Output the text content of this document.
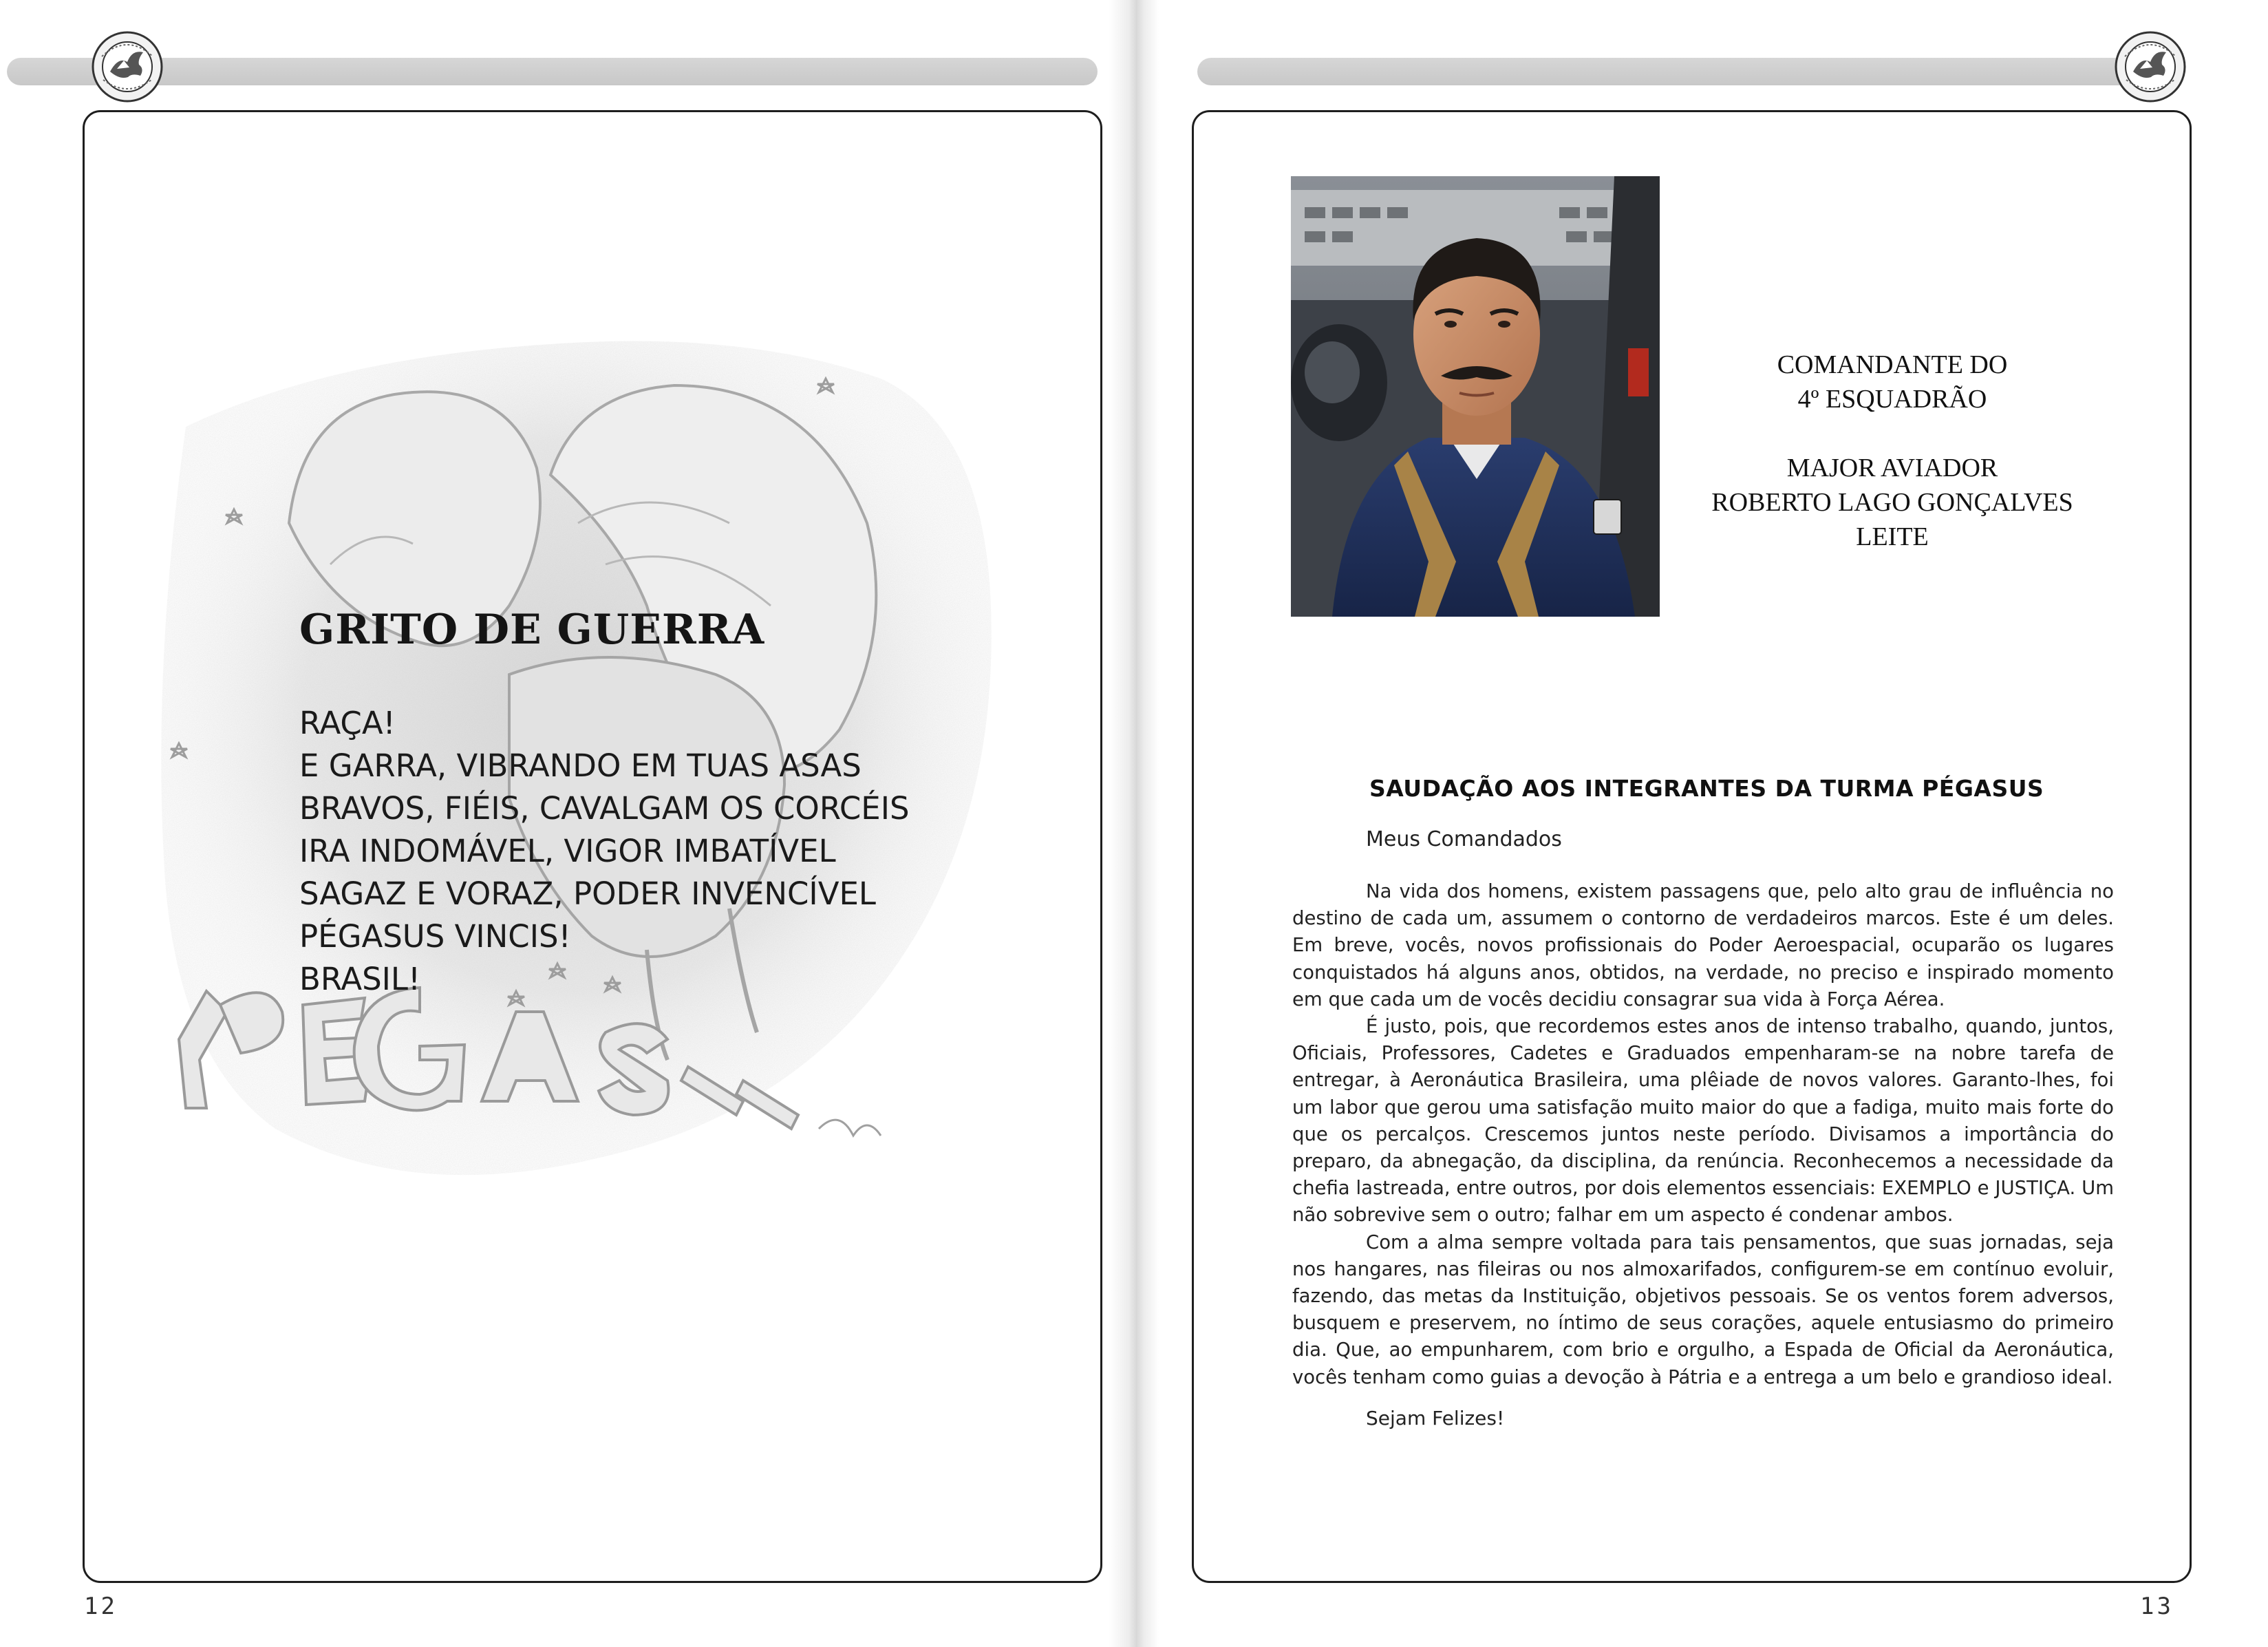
GRITO DE GUERRA
RAÇA!
E GARRA, VIBRANDO EM TUAS ASAS
BRAVOS, FIÉIS, CAVALGAM OS CORCÉIS
IRA INDOMÁVEL, VIGOR IMBATÍVEL
SAGAZ E VORAZ, PODER INVENCÍVEL
PÉGASUS VINCIS!
BRASIL!
12
COMANDANTE DO
4º ESQUADRÃO
MAJOR AVIADOR
ROBERTO LAGO GONÇALVES LEITE
SAUDAÇÃO AOS INTEGRANTES DA TURMA PÉGASUS
Meus Comandados

Na vida dos homens, existem passagens que, pelo alto grau de influência no destino de cada um, assumem o contorno de verdadeiros marcos. Este é um deles. Em breve, vocês, novos profissionais do Poder Aeroespacial, ocuparão os lugares conquistados há alguns anos, obtidos, na verdade, no preciso e inspirado momento em que cada um de vocês decidiu consagrar sua vida à Força Aérea.

É justo, pois, que recordemos estes anos de intenso trabalho, quando, juntos, Oficiais, Professores, Cadetes e Graduados empenharam-se na nobre tarefa de entregar, à Aeronáutica Brasileira, uma plêiade de novos valores. Garanto-lhes, foi um labor que gerou uma satisfação muito maior do que a fadiga, muito mais forte do que os percalços. Crescemos juntos neste período. Divisamos a importância do preparo, da abnegação, da disciplina, da renúncia. Reconhecemos a necessidade da chefia lastreada, entre outros, por dois elementos essenciais: EXEMPLO e JUSTIÇA. Um não sobrevive sem o outro; falhar em um aspecto é condenar ambos.

Com a alma sempre voltada para tais pensamentos, que suas jornadas, seja nos hangares, nas fileiras ou nos almoxarifados, configurem-se em contínuo evoluir, fazendo, das metas da Instituição, objetivos pessoais. Se os ventos forem adversos, busquem e preservem, no íntimo de seus corações, aquele entusiasmo do primeiro dia. Que, ao empunharem, com brio e orgulho, a Espada de Oficial da Aeronáutica, vocês tenham como guias a devoção à Pátria e a entrega a um belo e grandioso ideal.

Sejam Felizes!
13
